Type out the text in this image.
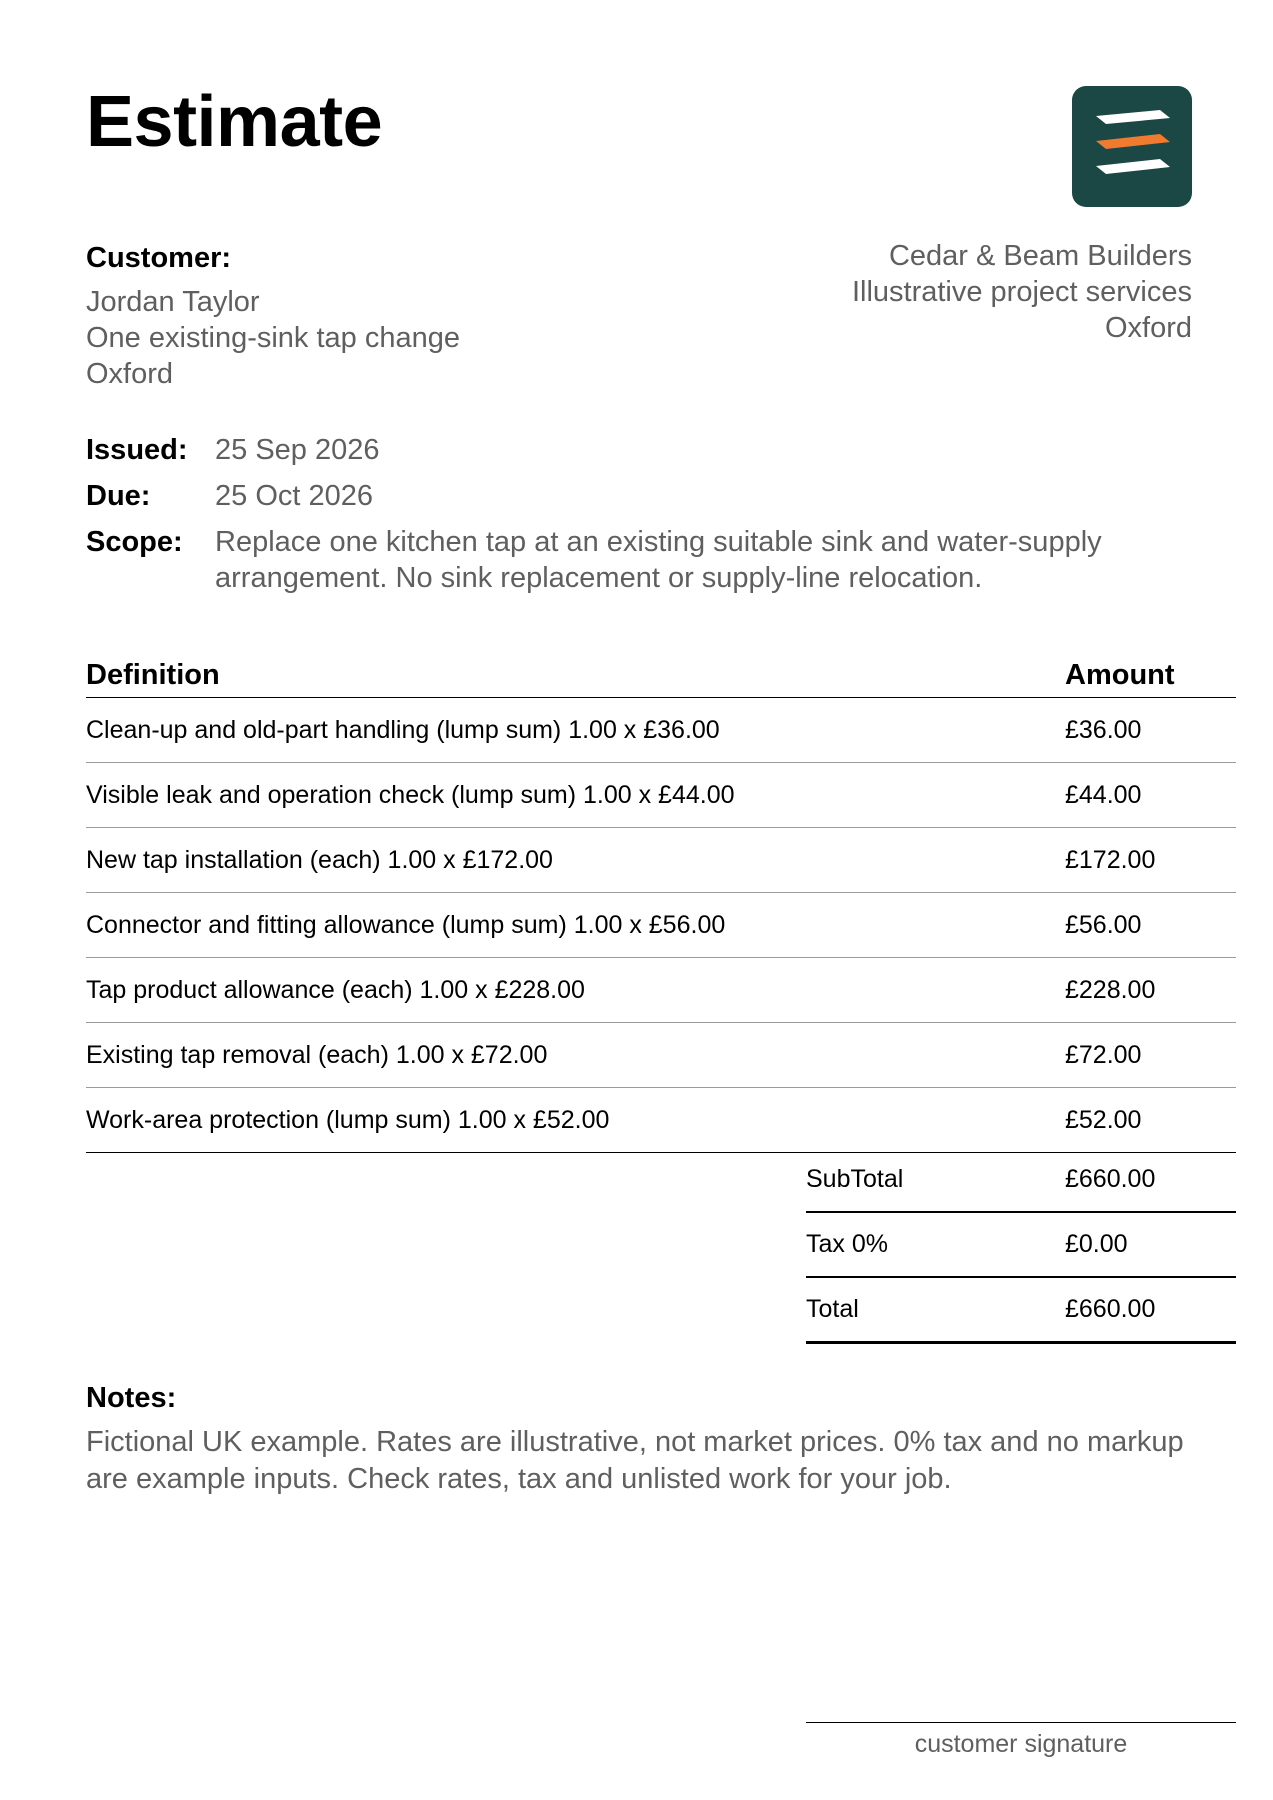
Estimate
Customer:
Jordan Taylor
One existing-sink tap change
Oxford
Cedar & Beam Builders
Illustrative project services
Oxford
Issued: 25 Sep 2026
Due:	25 Oct 2026
Scope:	Replace one kitchen tap at an existing suitable sink and water-supply arrangement. No sink replacement or supply-line relocation.
Definition	Amount
Clean-up and old-part handling (lump sum) 1.00 x £36.00	£36.00
Visible leak and operation check (lump sum) 1.00 x £44.00	£44.00
New tap installation (each) 1.00 x £172.00	£172.00
Connector and fitting allowance (lump sum) 1.00 x £56.00	£56.00
Tap product allowance (each) 1.00 x £228.00	£228.00
Existing tap removal (each) 1.00 x £72.00	£72.00
Work-area protection (lump sum) 1.00 x £52.00	£52.00
SubTotal	£660.00
Tax 0%	£0.00
Total	£660.00
Notes:
Fictional UK example. Rates are illustrative, not market prices. 0% tax and no markup are example inputs. Check rates, tax and unlisted work for your job.
customer signature
